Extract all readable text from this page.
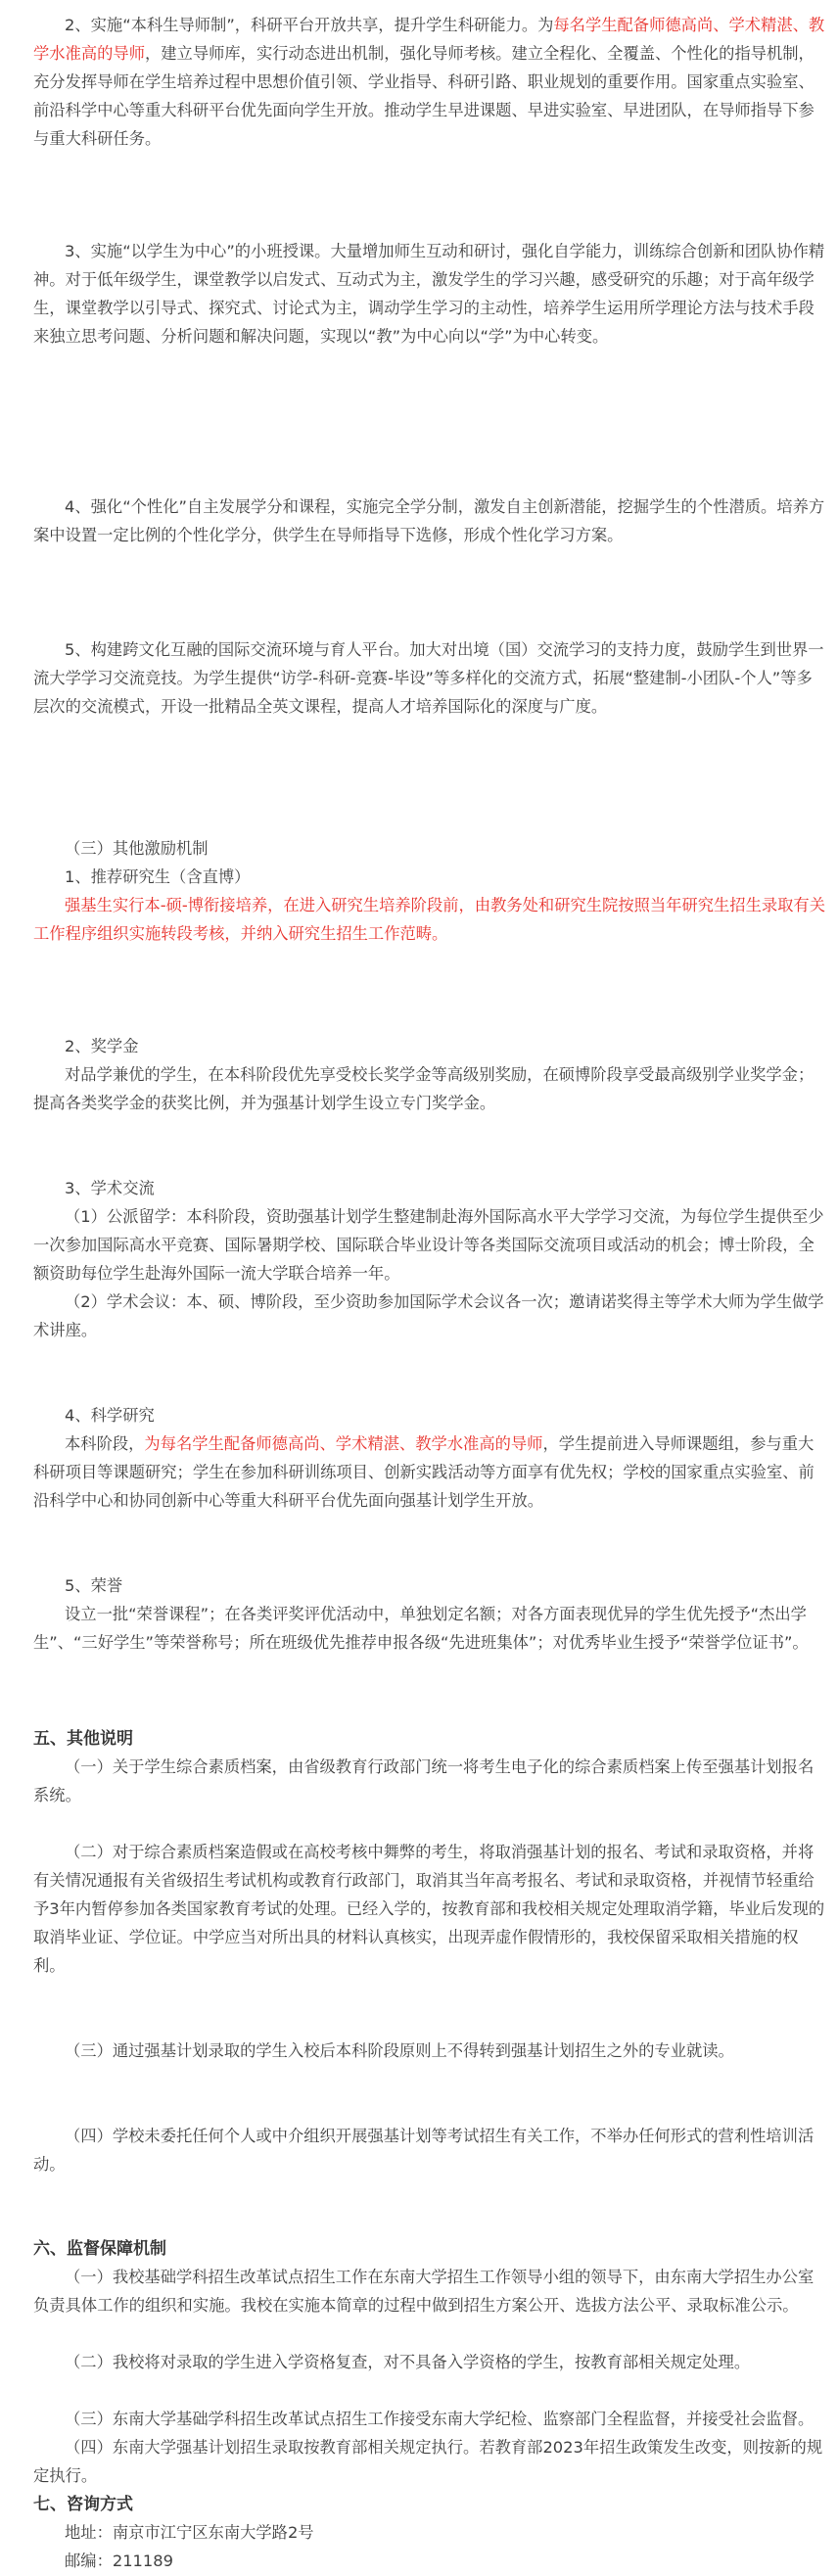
2、实施“本科生导师制”，科研平台开放共享，提升学生科研能力。为每名学生配备师德高尚、学术精湛、教学水准高的导师，建立导师库，实行动态进出机制，强化导师考核。建立全程化、全覆盖、个性化的指导机制，充分发挥导师在学生培养过程中思想价值引领、学业指导、科研引路、职业规划的重要作用。国家重点实验室、前沿科学中心等重大科研平台优先面向学生开放。推动学生早进课题、早进实验室、早进团队，在导师指导下参与重大科研任务。

3、实施“以学生为中心”的小班授课。大量增加师生互动和研讨，强化自学能力，训练综合创新和团队协作精神。对于低年级学生，课堂教学以启发式、互动式为主，激发学生的学习兴趣，感受研究的乐趣；对于高年级学生，课堂教学以引导式、探究式、讨论式为主，调动学生学习的主动性，培养学生运用所学理论方法与技术手段来独立思考问题、分析问题和解决问题，实现以“教”为中心向以“学”为中心转变。

4、强化“个性化”自主发展学分和课程，实施完全学分制，激发自主创新潜能，挖掘学生的个性潜质。培养方案中设置一定比例的个性化学分，供学生在导师指导下选修，形成个性化学习方案。

5、构建跨文化互融的国际交流环境与育人平台。加大对出境（国）交流学习的支持力度，鼓励学生到世界一流大学学习交流竞技。为学生提供“访学-科研-竞赛-毕设”等多样化的交流方式，拓展“整建制-小团队-个人”等多层次的交流模式，开设一批精品全英文课程，提高人才培养国际化的深度与广度。

（三）其他激励机制

1、推荐研究生（含直博）

强基生实行本-硕-博衔接培养，在进入研究生培养阶段前，由教务处和研究生院按照当年研究生招生录取有关工作程序组织实施转段考核，并纳入研究生招生工作范畴。

2、奖学金

对品学兼优的学生，在本科阶段优先享受校长奖学金等高级别奖励，在硕博阶段享受最高级别学业奖学金；提高各类奖学金的获奖比例，并为强基计划学生设立专门奖学金。

3、学术交流

（1）公派留学：本科阶段，资助强基计划学生整建制赴海外国际高水平大学学习交流，为每位学生提供至少一次参加国际高水平竞赛、国际暑期学校、国际联合毕业设计等各类国际交流项目或活动的机会；博士阶段，全额资助每位学生赴海外国际一流大学联合培养一年。

（2）学术会议：本、硕、博阶段，至少资助参加国际学术会议各一次；邀请诺奖得主等学术大师为学生做学术讲座。

4、科学研究

本科阶段，为每名学生配备师德高尚、学术精湛、教学水准高的导师，学生提前进入导师课题组，参与重大科研项目等课题研究；学生在参加科研训练项目、创新实践活动等方面享有优先权；学校的国家重点实验室、前沿科学中心和协同创新中心等重大科研平台优先面向强基计划学生开放。

5、荣誉

设立一批“荣誉课程”；在各类评奖评优活动中，单独划定名额；对各方面表现优异的学生优先授予“杰出学生”、“三好学生”等荣誉称号；所在班级优先推荐申报各级“先进班集体”；对优秀毕业生授予“荣誉学位证书”。

五、其他说明

（一）关于学生综合素质档案，由省级教育行政部门统一将考生电子化的综合素质档案上传至强基计划报名系统。

（二）对于综合素质档案造假或在高校考核中舞弊的考生，将取消强基计划的报名、考试和录取资格，并将有关情况通报有关省级招生考试机构或教育行政部门，取消其当年高考报名、考试和录取资格，并视情节轻重给予3年内暂停参加各类国家教育考试的处理。已经入学的，按教育部和我校相关规定处理取消学籍，毕业后发现的取消毕业证、学位证。中学应当对所出具的材料认真核实，出现弄虚作假情形的，我校保留采取相关措施的权利。

（三）通过强基计划录取的学生入校后本科阶段原则上不得转到强基计划招生之外的专业就读。

（四）学校未委托任何个人或中介组织开展强基计划等考试招生有关工作，不举办任何形式的营利性培训活动。

六、监督保障机制

（一）我校基础学科招生改革试点招生工作在东南大学招生工作领导小组的领导下，由东南大学招生办公室负责具体工作的组织和实施。我校在实施本简章的过程中做到招生方案公开、选拔方法公平、录取标准公示。

（二）我校将对录取的学生进入学资格复查，对不具备入学资格的学生，按教育部相关规定处理。

（三）东南大学基础学科招生改革试点招生工作接受东南大学纪检、监察部门全程监督，并接受社会监督。

（四）东南大学强基计划招生录取按教育部相关规定执行。若教育部2023年招生政策发生改变，则按新的规定执行。

七、咨询方式

地址：南京市江宁区东南大学路2号

邮编：211189
